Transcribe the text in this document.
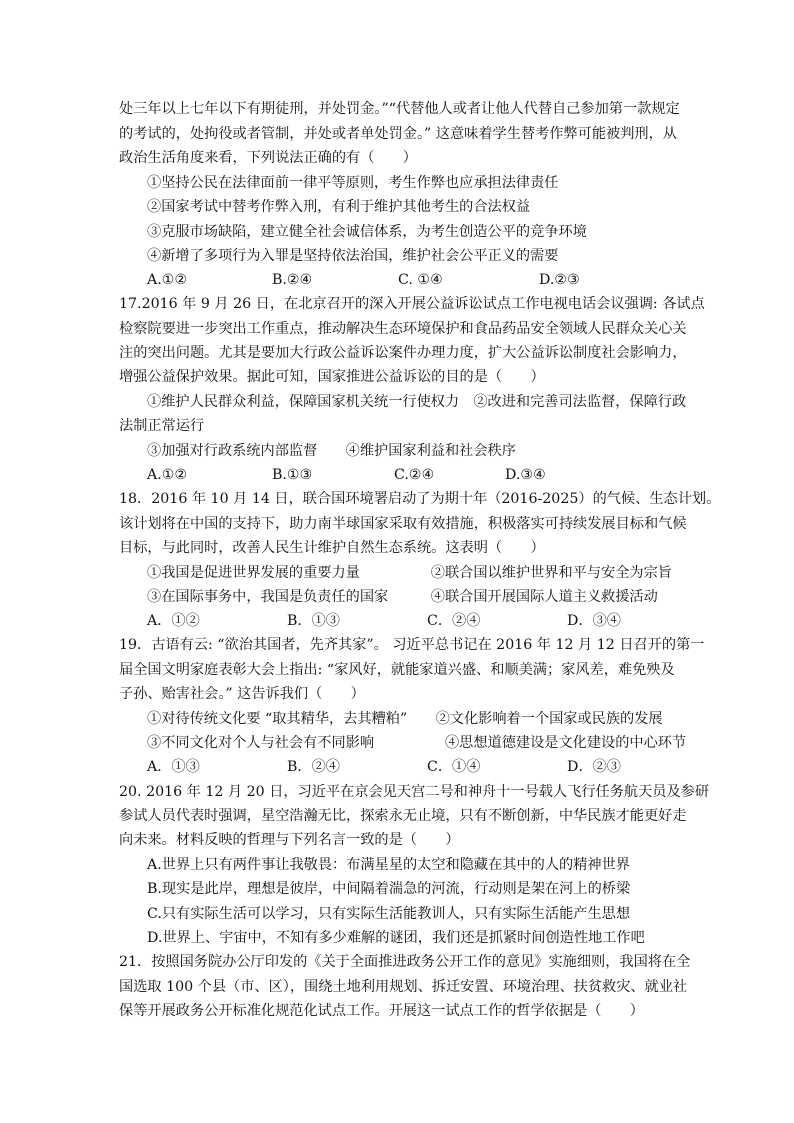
处三年以上七年以下有期徒刑，并处罚金。”“代替他人或者让他人代替自己参加第一款规定
的考试的，处拘役或者管制，并处或者单处罚金。” 这意味着学生替考作弊可能被判刑，从
政治生活角度来看，下列说法正确的有（　　）
①坚持公民在法律面前一律平等原则，考生作弊也应承担法律责任
②国家考试中替考作弊入刑，有利于维护其他考生的合法权益
③克服市场缺陷，建立健全社会诚信体系，为考生创造公平的竞争环境
④新增了多项行为入罪是坚持依法治国，维护社会公平正义的需要
A.①②	B.②④	C. ①④	D.②③
17.2016 年 9 月 26 日，在北京召开的深入开展公益诉讼试点工作电视电话会议强调: 各试点
检察院要进一步突出工作重点，推动解决生态环境保护和食品药品安全领域人民群众关心关
注的突出问题。尤其是要加大行政公益诉讼案件办理力度，扩大公益诉讼制度社会影响力，
增强公益保护效果。据此可知，国家推进公益诉讼的目的是（　　）
①维护人民群众利益，保障国家机关统一行使权力　②改进和完善司法监督，保障行政
法制正常运行
③加强对行政系统内部监督　　④维护国家利益和社会秩序
A.①②	B.①③	C.②④	D.③④
18．2016 年 10 月 14 日，联合国环境署启动了为期十年（2016-2025）的气候、生态计划。
该计划将在中国的支持下，助力南半球国家采取有效措施，积极落实可持续发展目标和气候
目标，与此同时，改善人民生计维护自然生态系统。这表明（　　）
①我国是促进世界发展的重要力量　　　　　②联合国以维护世界和平与安全为宗旨
③在国际事务中，我国是负责任的国家　　　④联合国开展国际人道主义救援活动
A．①②	B．①③	C．②④	D．③④
19．古语有云: “欲治其国者，先齐其家”。 习近平总书记在 2016 年 12 月 12 日召开的第一
届全国文明家庭表彰大会上指出: “家风好，就能家道兴盛、和顺美满；家风差，难免殃及
子孙、贻害社会。” 这告诉我们（　　）
①对待传统文化要 “取其精华，去其糟粕”　　②文化影响着一个国家或民族的发展
③不同文化对个人与社会有不同影响　　　　　④思想道德建设是文化建设的中心环节
A．①③	B．②④	C．①④	D．②③
20. 2016 年 12 月 20 日，习近平在京会见天宫二号和神舟十一号载人飞行任务航天员及参研
参试人员代表时强调，星空浩瀚无比，探索永无止境，只有不断创新，中华民族才能更好走
向未来。材料反映的哲理与下列名言一致的是（　　）
A.世界上只有两件事让我敬畏：布满星星的太空和隐藏在其中的人的精神世界
B.现实是此岸，理想是彼岸，中间隔着湍急的河流，行动则是架在河上的桥梁
C.只有实际生活可以学习，只有实际生活能教训人，只有实际生活能产生思想
D.世界上、宇宙中，不知有多少难解的谜团，我们还是抓紧时间创造性地工作吧
21．按照国务院办公厅印发的《关于全面推进政务公开工作的意见》实施细则，我国将在全
国选取 100 个县（市、区），围绕土地利用规划、拆迁安置、环境治理、扶贫救灾、就业社
保等开展政务公开标准化规范化试点工作。开展这一试点工作的哲学依据是（　　）
